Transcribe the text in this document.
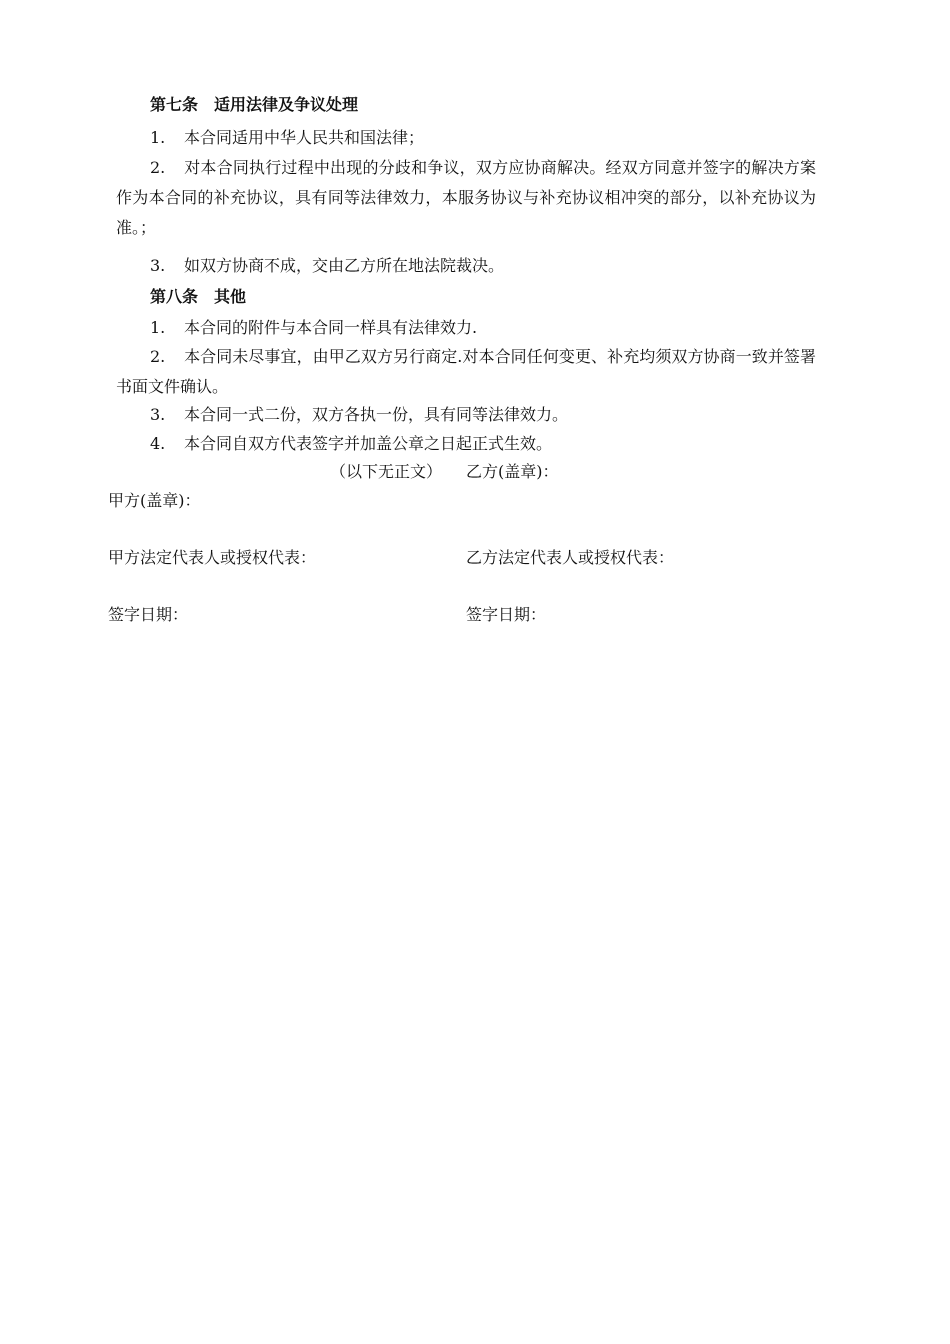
第七条　适用法律及争议处理
1. 本合同适用中华人民共和国法律；
2. 对本合同执行过程中出现的分歧和争议，双方应协商解决。经双方同意并签字的解决方案作为本合同的补充协议，具有同等法律效力，本服务协议与补充协议相冲突的部分，以补充协议为准。；
3. 如双方协商不成，交由乙方所在地法院裁决。
第八条　其他
1. 本合同的附件与本合同一样具有法律效力.
2. 本合同未尽事宜，由甲乙双方另行商定.对本合同任何变更、补充均须双方协商一致并签署书面文件确认。
3. 本合同一式二份，双方各执一份，具有同等法律效力。
4. 本合同自双方代表签字并加盖公章之日起正式生效。
（以下无正文） 乙方(盖章)：
甲方(盖章)：
甲方法定代表人或授权代表：	乙方法定代表人或授权代表：
签字日期：	签字日期：
